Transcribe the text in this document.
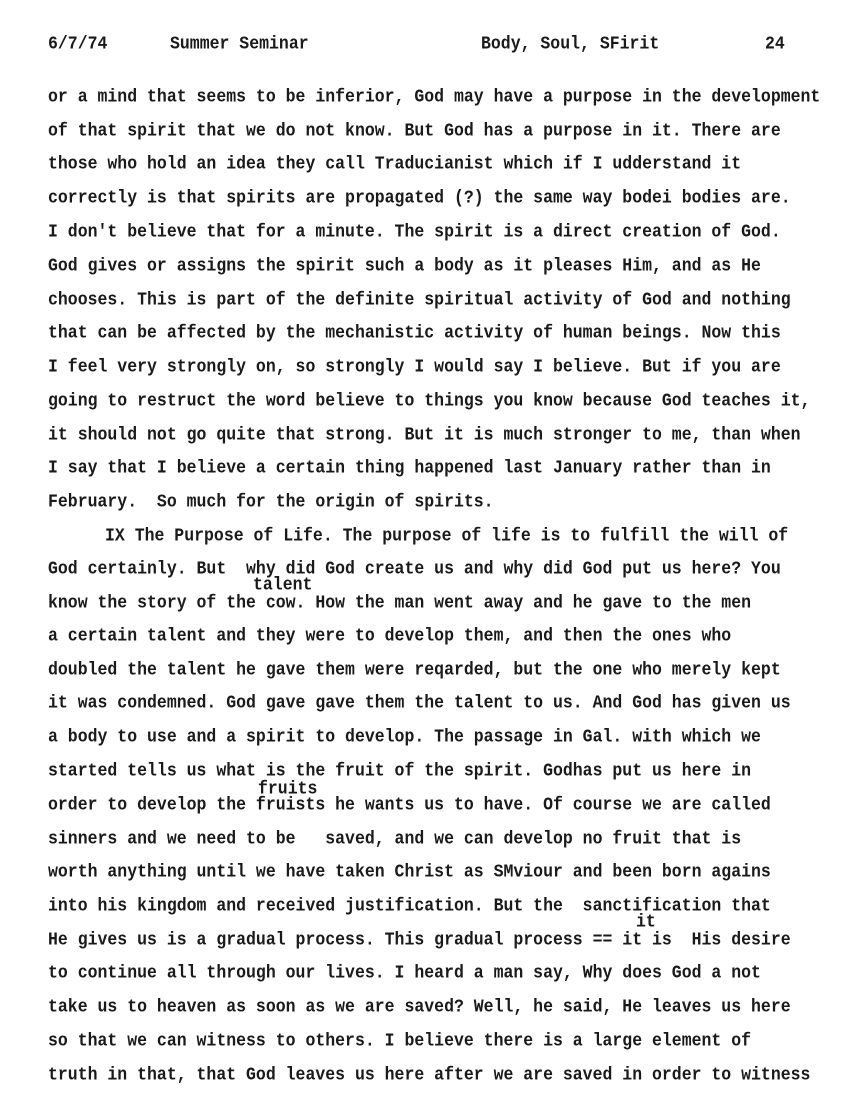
6/7/74	Summer Seminar	Body, Soul, SFirit	24
or a mind that seems to be inferior, God may have a purpose in the development
of that spirit that we do not know. But God has a purpose in it. There are
those who hold an idea they call Traducianist which if I udderstand it
correctly is that spirits are propagated (?) the same way bodei bodies are.
I don't believe that for a minute. The spirit is a direct creation of God.
God gives or assigns the spirit such a body as it pleases Him, and as He
chooses. This is part of the definite spiritual activity of God and nothing
that can be affected by the mechanistic activity of human beings. Now this
I feel very strongly on, so strongly I would say I believe. But if you are
going to restruct the word believe to things you know because God teaches it,
it should not go quite that strong. But it is much stronger to me, than when
I say that I believe a certain thing happened last January rather than in
February.  So much for the origin of spirits.
IX The Purpose of Life. The purpose of life is to fulfill the will of
God certainly. But  why did God create us and why did God put us here? You
know the story of the cow. How the man went away and he gave to the men
a certain talent and they were to develop them, and then the ones who
doubled the talent he gave them were reqarded, but the one who merely kept
it was condemned. God gave gave them the talent to us. And God has given us
a body to use and a spirit to develop. The passage in Gal. with which we
started tells us what is the fruit of the spirit. Godhas put us here in
order to develop the fruists he wants us to have. Of course we are called
sinners and we need to be   saved, and we can develop no fruit that is
worth anything until we have taken Christ as SMviour and been born agains
into his kingdom and received justification. But the  sanctification that
He gives us is a gradual process. This gradual process == it is  His desire
to continue all through our lives. I heard a man say, Why does God a not
take us to heaven as soon as we are saved? Well, he said, He leaves us here
so that we can witness to others. I believe there is a large element of
truth in that, that God leaves us here after we are saved in order to witness
talent
fruits
it
